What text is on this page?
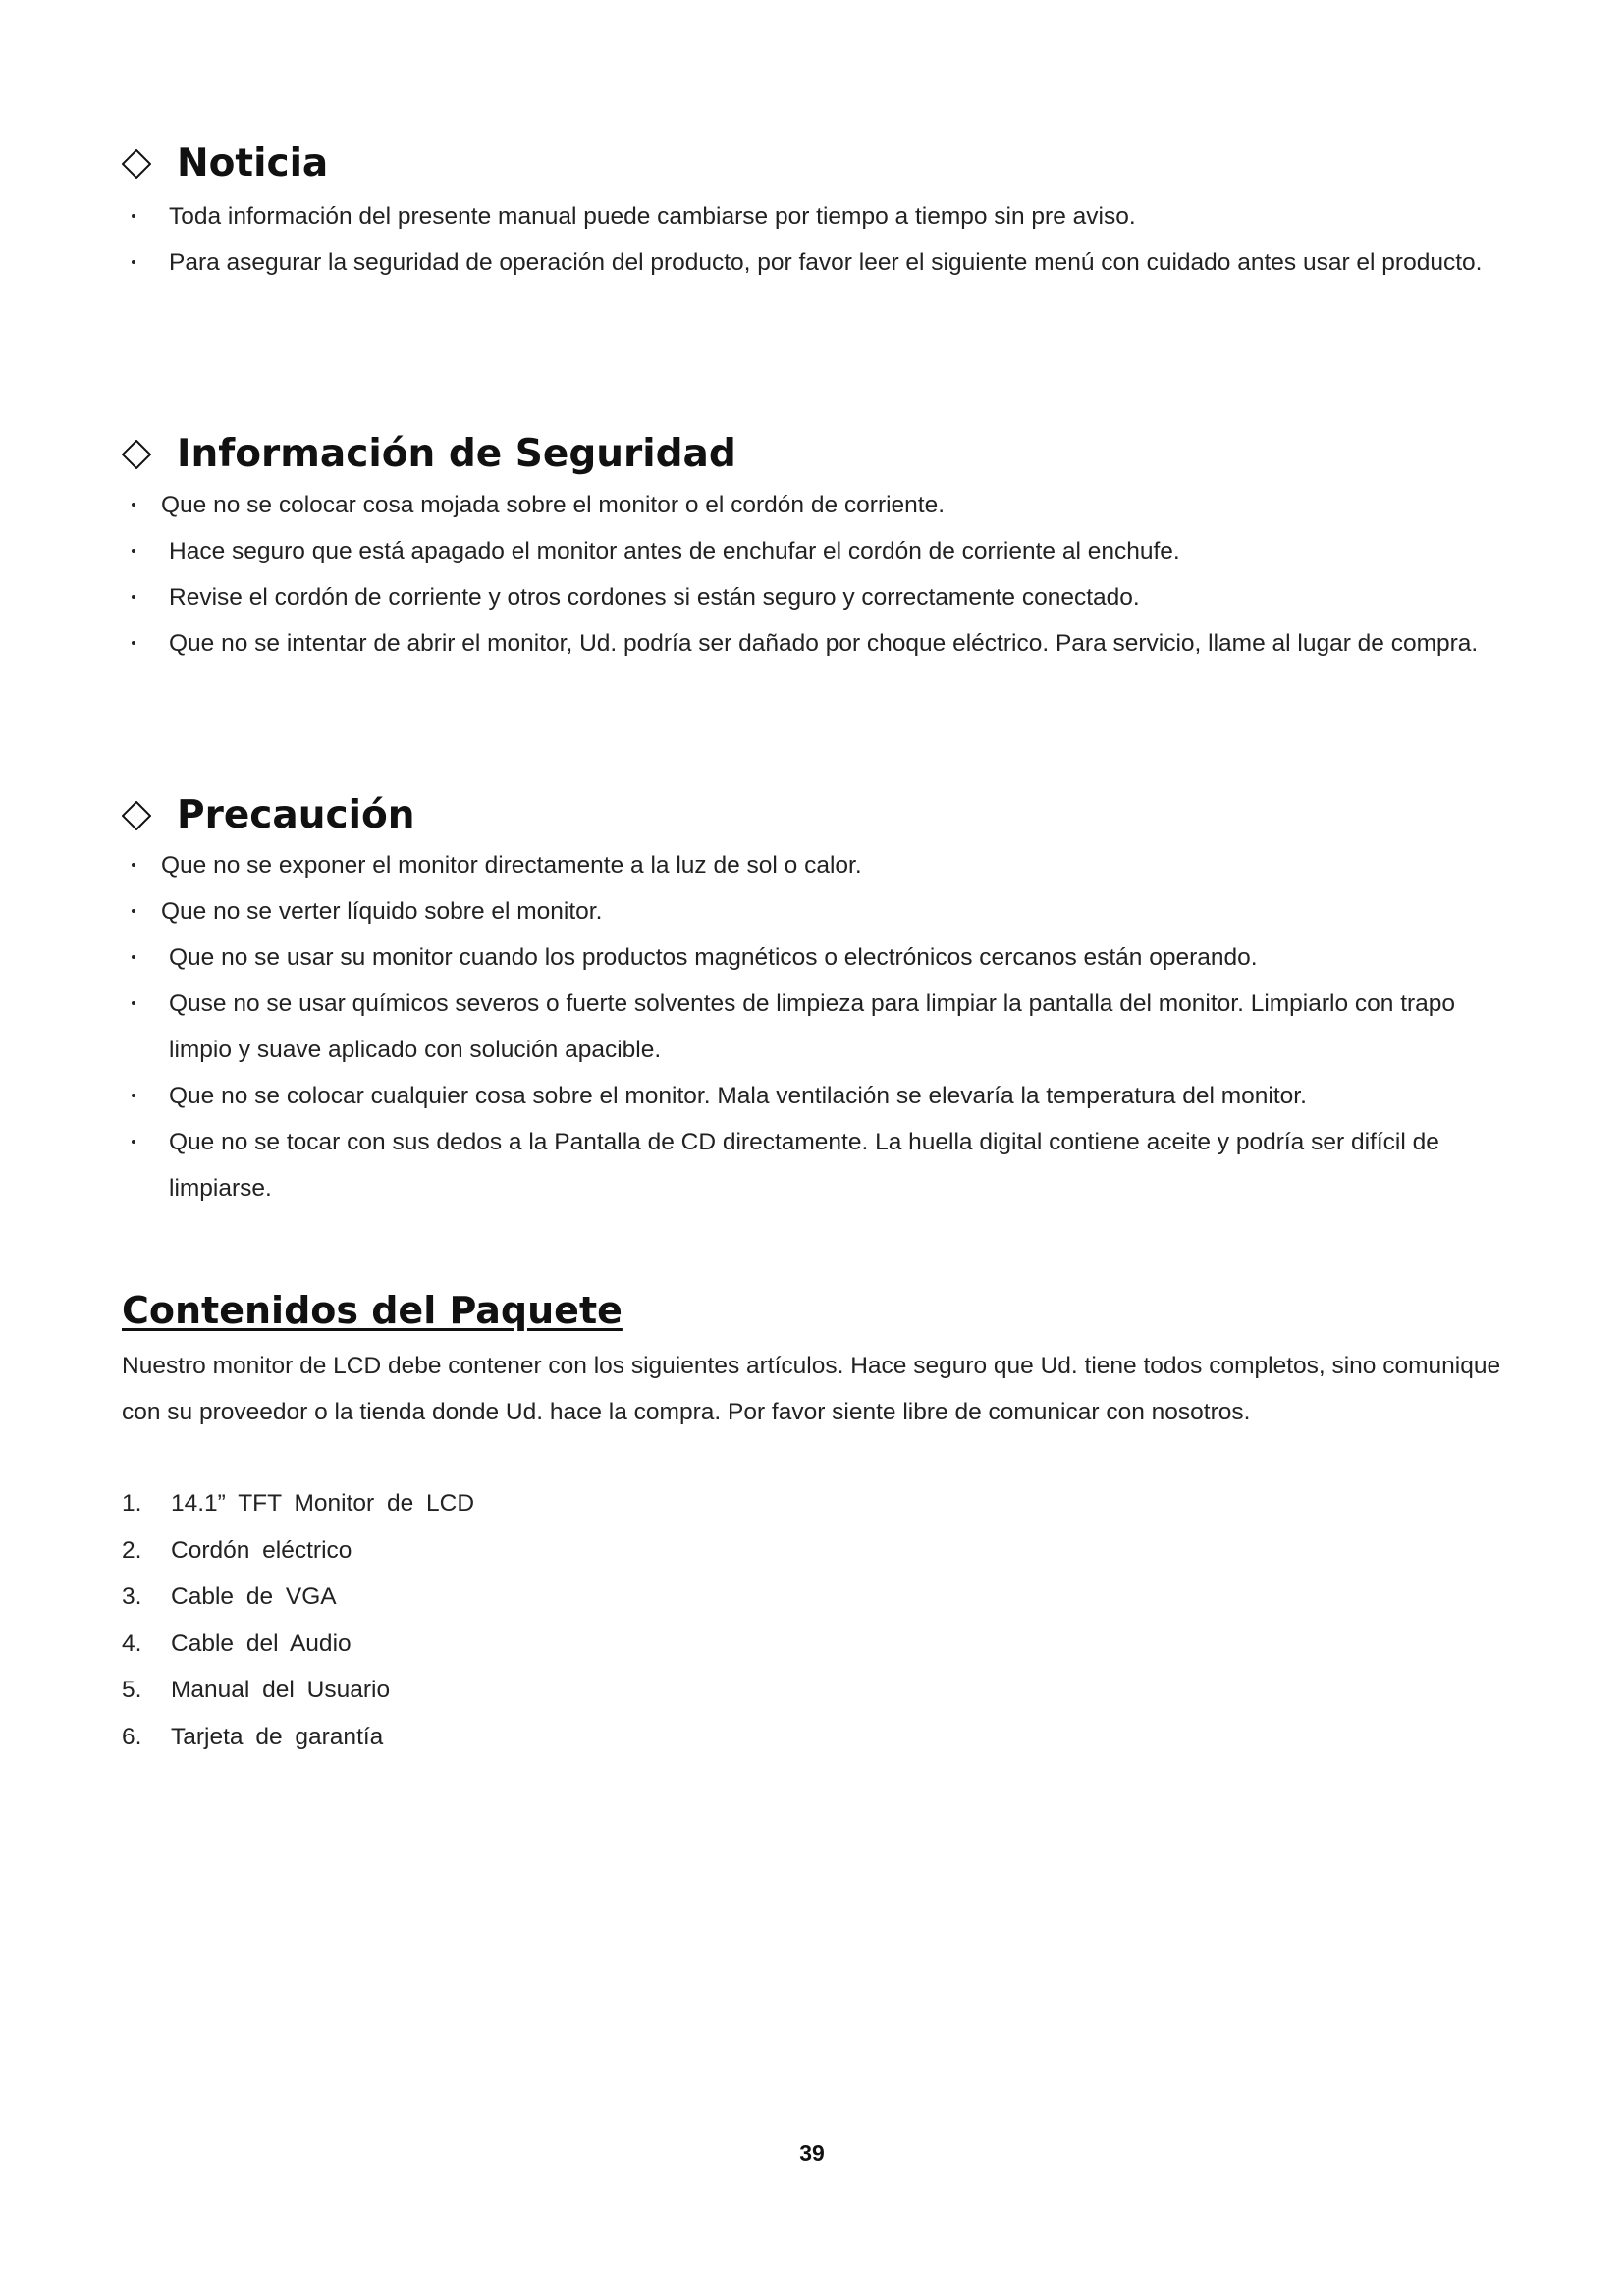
Noticia
Toda información del presente manual puede cambiarse por tiempo a tiempo sin pre aviso.
Para asegurar la seguridad de operación del producto, por favor leer el siguiente menú con cuidado antes usar el producto.
Información de Seguridad
Que no se colocar cosa mojada sobre el monitor o el cordón de corriente.
Hace seguro que está apagado el monitor antes de enchufar el cordón de corriente al enchufe.
Revise el cordón de corriente y otros cordones si están seguro y correctamente conectado.
Que no se intentar de abrir el monitor, Ud. podría ser dañado por choque eléctrico. Para servicio, llame al lugar de compra.
Precaución
Que no se exponer el monitor directamente a la luz de sol o calor.
Que no se verter líquido sobre el monitor.
Que no se usar su monitor cuando los productos magnéticos o electrónicos cercanos están operando.
Quse no se usar químicos severos o fuerte solventes de limpieza para limpiar la pantalla del monitor. Limpiarlo con trapo limpio y suave aplicado con solución apacible.
Que no se colocar cualquier cosa sobre el monitor. Mala ventilación se elevaría la temperatura del monitor.
Que no se tocar con sus dedos a la Pantalla de CD directamente. La huella digital contiene aceite y podría ser difícil de limpiarse.
Contenidos del Paquete

Nuestro monitor de LCD debe contener con los siguientes artículos. Hace seguro que Ud. tiene todos completos, sino comunique con su proveedor o la tienda donde Ud. hace la compra. Por favor siente libre de comunicar con nosotros.

1.	14.1” TFT Monitor de LCD
2.	Cordón eléctrico
3.	Cable de VGA
4.	Cable del Audio
5.	Manual del Usuario
6.	Tarjeta de garantía
39
